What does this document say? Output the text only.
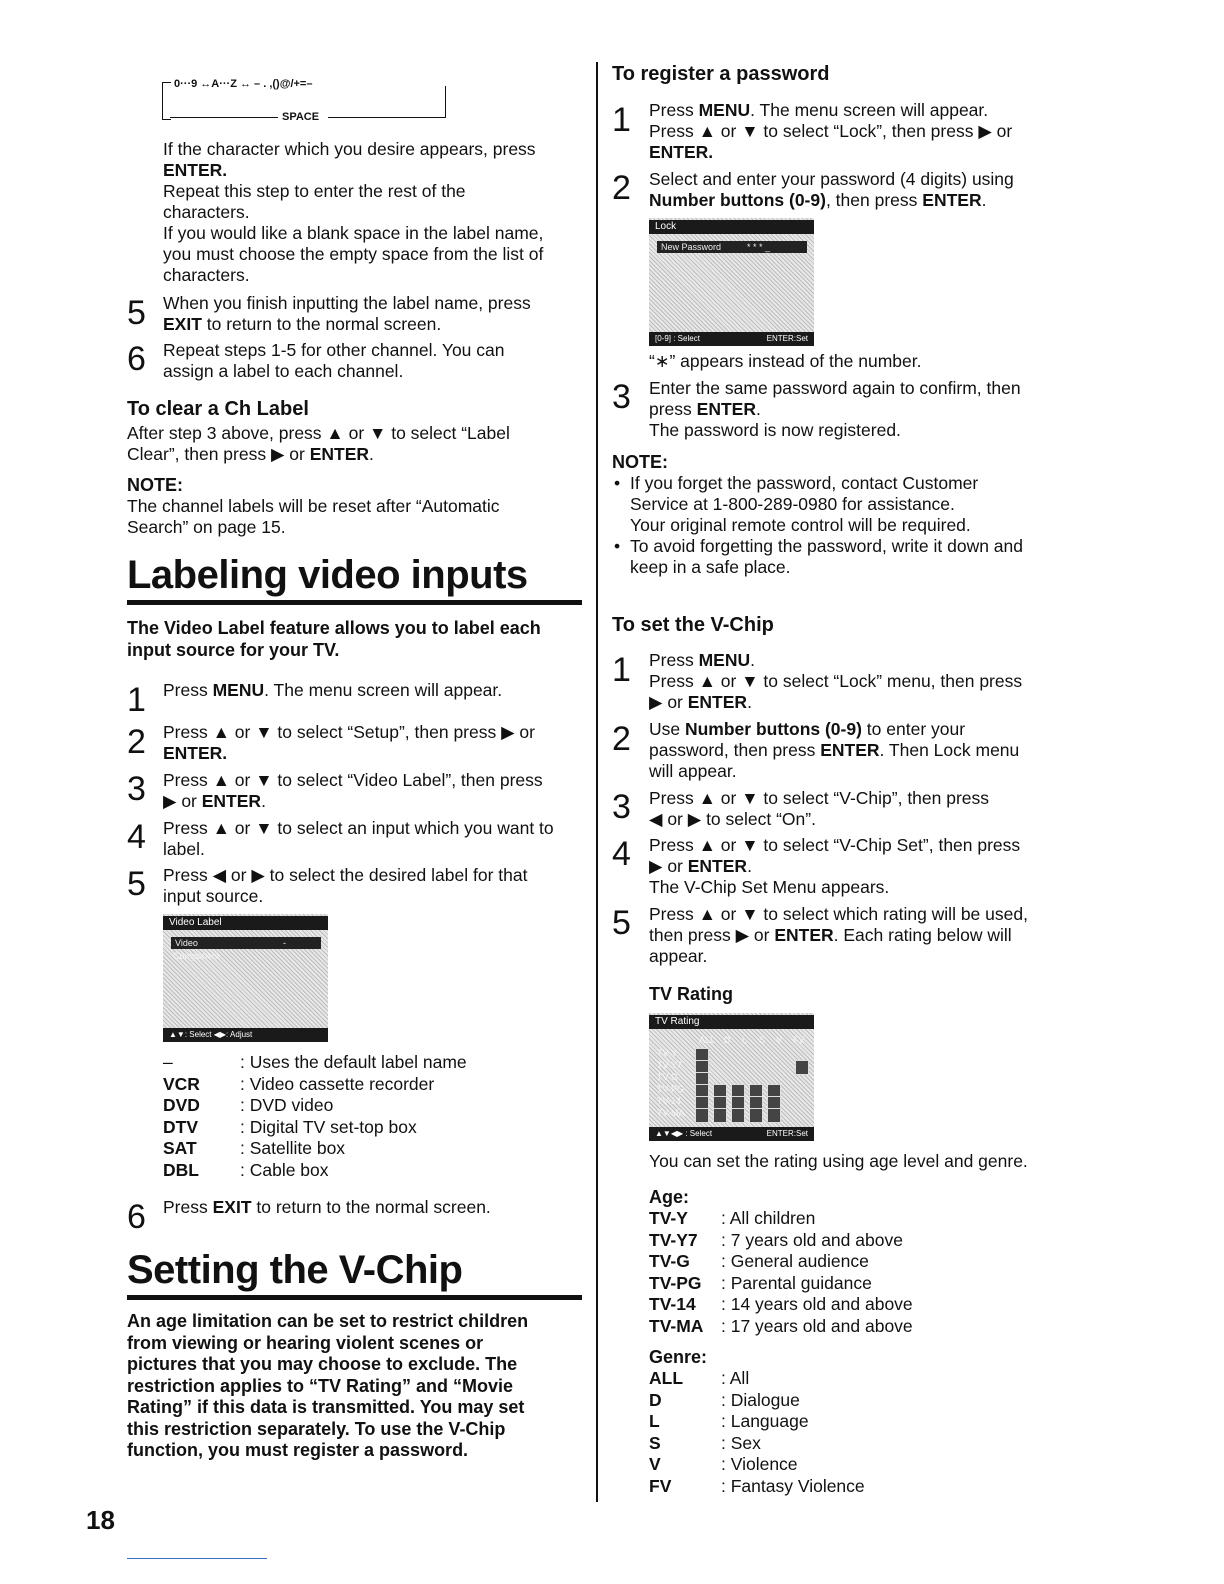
0···9 ↔A···Z ↔ – . ,()@/+=–
SPACE

If the character which you desire appears, press

ENTER.

Repeat this step to enter the rest of the

characters.

If you would like a blank space in the label name,

you must choose the empty space from the list of

characters.

5 When you finish inputting the label name, press

EXIT to return to the normal screen.

6 Repeat steps 1-5 for other channel. You can

assign a label to each channel.

To clear a Ch Label

After step 3 above, press ▲ or ▼ to select “Label

Clear”, then press ▶ or ENTER.

NOTE:

The channel labels will be reset after “Automatic

Search” on page 15.

Labeling video inputs

The Video Label feature allows you to label each

input source for your TV.

1 Press MENU. The menu screen will appear.

2 Press ▲ or ▼ to select “Setup”, then press ▶ or

ENTER.

3 Press ▲ or ▼ to select “Video Label”, then press

▶ or ENTER.

4 Press ▲ or ▼ to select an input which you want to

label.

5 Press ◀ or ▶ to select the desired label for that

input source.

Video Label
Video	-
Component
▲▼: Select ◀▶: Adjust
–	: Uses the default label name
VCR : Video cassette recorder
DVD : DVD video
DTV : Digital TV set-top box
SAT : Satellite box
DBL : Cable box
6 Press EXIT to return to the normal screen.

Setting the V-Chip

An age limitation can be set to restrict children

from viewing or hearing violent scenes or

pictures that you may choose to exclude. The

restriction applies to “TV Rating” and “Movie

Rating” if this data is transmitted. You may set

this restriction separately. To use the V-Chip

function, you must register a password.

18
To register a password
1 Press MENU. The menu screen will appear.

Press ▲ or ▼ to select “Lock”, then press ▶ or

ENTER.

2 Select and enter your password (4 digits) using

Number buttons (0-9), then press ENTER.

Lock
New Password	* * * _
[0-9] : Select	ENTER:Set
“∗” appears instead of the number.
3 Enter the same password again to confirm, then

press ENTER.

The password is now registered.

NOTE:

• If you forget the password, contact Customer

Service at 1-800-289-0980 for assistance.

Your original remote control will be required.

• To avoid forgetting the password, write it down and

keep in a safe place.

To set the V-Chip
1 Press MENU.

Press ▲ or ▼ to select “Lock” menu, then press

▶ or ENTER.

2 Use Number buttons (0-9) to enter your

password, then press ENTER. Then Lock menu

will appear.

3 Press ▲ or ▼ to select “V-Chip”, then press

◀ or ▶ to select “On”.

4 Press ▲ or ▼ to select “V-Chip Set”, then press

▶ or ENTER.

The V-Chip Set Menu appears.

5 Press ▲ or ▼ to select which rating will be used,

then press ▶ or ENTER. Each rating below will

appear.

TV Rating
TV Rating
ALL D L S V FV
TV-Y
TV-Y7
TV-G
TV-PG
TV-14
TV-MA
▲▼◀▶ : Select	ENTER:Set
You can set the rating using age level and genre.
Age:
TV-Y : All children
TV-Y7 : 7 years old and above
TV-G : General audience
TV-PG : Parental guidance
TV-14 : 14 years old and above
TV-MA : 17 years old and above
Genre:
ALL : All
D	: Dialogue
L	: Language
S	: Sex
V	: Violence
FV	: Fantasy Violence
